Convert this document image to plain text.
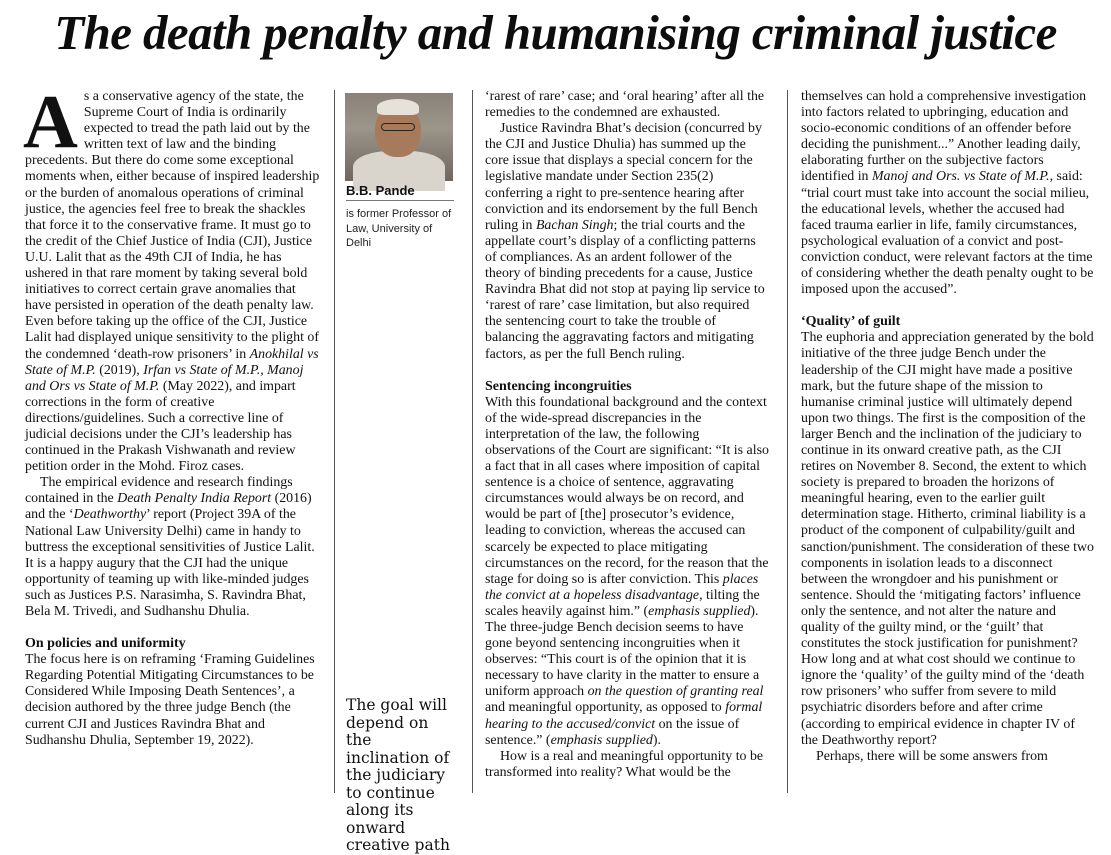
The death penalty and humanising criminal justice

As a conservative agency of the state, the Supreme Court of India is ordinarily expected to tread the path laid out by the written text of law and the binding precedents. But there do come some exceptional moments when, either because of inspired leadership or the burden of anomalous operations of criminal justice, the agencies feel free to break the shackles that force it to the conservative frame. It must go to the credit of the Chief Justice of India (CJI), Justice U.U. Lalit that as the 49th CJI of India, he has ushered in that rare moment by taking several bold initiatives to correct certain grave anomalies that have persisted in operation of the death penalty law. Even before taking up the office of the CJI, Justice Lalit had displayed unique sensitivity to the plight of the condemned ‘death-row prisoners’ in Anokhilal vs State of M.P. (2019), Irfan vs State of M.P., Manoj and Ors vs State of M.P. (May 2022), and impart corrections in the form of creative directions/guidelines. Such a corrective line of judicial decisions under the CJI’s leadership has continued in the Prakash Vishwanath and review petition order in the Mohd. Firoz cases.

The empirical evidence and research findings contained in the Death Penalty India Report (2016) and the ‘Deathworthy’ report (Project 39A of the National Law University Delhi) came in handy to buttress the exceptional sensitivities of Justice Lalit. It is a happy augury that the CJI had the unique opportunity of teaming up with like-minded judges such as Justices P.S. Narasimha, S. Ravindra Bhat, Bela M. Trivedi, and Sudhanshu Dhulia.

On policies and uniformity

The focus here is on reframing ‘Framing Guidelines Regarding Potential Mitigating Circumstances to be Considered While Imposing Death Sentences’, a decision authored by the three judge Bench (the current CJI and Justices Ravindra Bhat and Sudhanshu Dhulia, September 19, 2022).

B.B. Pande
is former Professor of Law, University of Delhi
The goal will depend on the inclination of the judiciary to continue along its onward creative path

‘rarest of rare’ case; and ‘oral hearing’ after all the remedies to the condemned are exhausted.

Justice Ravindra Bhat’s decision (concurred by the CJI and Justice Dhulia) has summed up the core issue that displays a special concern for the legislative mandate under Section 235(2) conferring a right to pre-sentence hearing after conviction and its endorsement by the full Bench ruling in Bachan Singh; the trial courts and the appellate court’s display of a conflicting patterns of compliances. As an ardent follower of the theory of binding precedents for a cause, Justice Ravindra Bhat did not stop at paying lip service to ‘rarest of rare’ case limitation, but also required the sentencing court to take the trouble of balancing the aggravating factors and mitigating factors, as per the full Bench ruling.

Sentencing incongruities

With this foundational background and the context of the wide-spread discrepancies in the interpretation of the law, the following observations of the Court are significant: “It is also a fact that in all cases where imposition of capital sentence is a choice of sentence, aggravating circumstances would always be on record, and would be part of [the] prosecutor’s evidence, leading to conviction, whereas the accused can scarcely be expected to place mitigating circumstances on the record, for the reason that the stage for doing so is after conviction. This places the convict at a hopeless disadvantage, tilting the scales heavily against him.” (emphasis supplied). The three-judge Bench decision seems to have gone beyond sentencing incongruities when it observes: “This court is of the opinion that it is necessary to have clarity in the matter to ensure a uniform approach on the question of granting real and meaningful opportunity, as opposed to formal hearing to the accused/convict on the issue of sentence.” (emphasis supplied).

How is a real and meaningful opportunity to be transformed into reality? What would be the

themselves can hold a comprehensive investigation into factors related to upbringing, education and socio-economic conditions of an offender before deciding the punishment...” Another leading daily, elaborating further on the subjective factors identified in Manoj and Ors. vs State of M.P., said: “trial court must take into account the social milieu, the educational levels, whether the accused had faced trauma earlier in life, family circumstances, psychological evaluation of a convict and post-conviction conduct, were relevant factors at the time of considering whether the death penalty ought to be imposed upon the accused”.

‘Quality’ of guilt

The euphoria and appreciation generated by the bold initiative of the three judge Bench under the leadership of the CJI might have made a positive mark, but the future shape of the mission to humanise criminal justice will ultimately depend upon two things. The first is the composition of the larger Bench and the inclination of the judiciary to continue in its onward creative path, as the CJI retires on November 8. Second, the extent to which society is prepared to broaden the horizons of meaningful hearing, even to the earlier guilt determination stage. Hitherto, criminal liability is a product of the component of culpability/guilt and sanction/punishment. The consideration of these two components in isolation leads to a disconnect between the wrongdoer and his punishment or sentence. Should the ‘mitigating factors’ influence only the sentence, and not alter the nature and quality of the guilty mind, or the ‘guilt’ that constitutes the stock justification for punishment? How long and at what cost should we continue to ignore the ‘quality’ of the guilty mind of the ‘death row prisoners’ who suffer from severe to mild psychiatric disorders before and after crime (according to empirical evidence in chapter IV of the Deathworthy report?

Perhaps, there will be some answers from
